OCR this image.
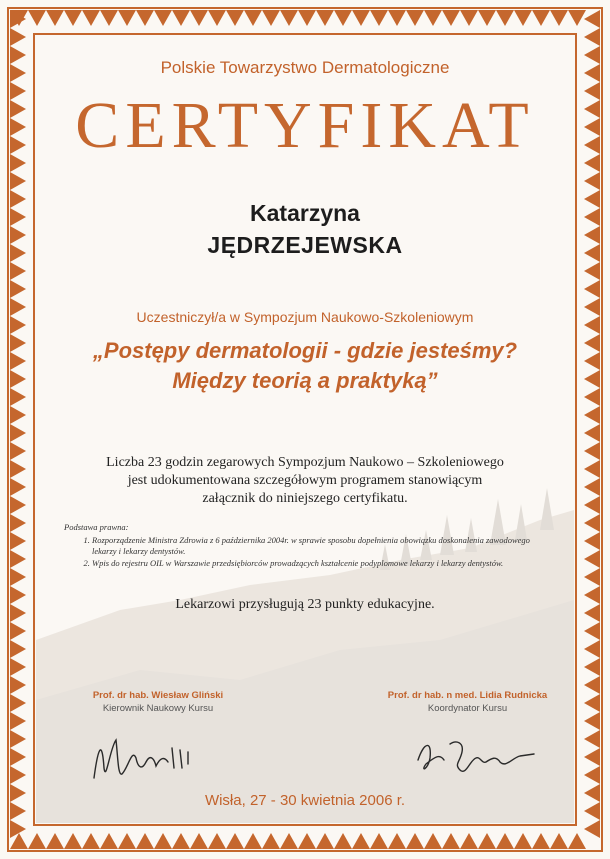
Polskie Towarzystwo Dermatologiczne
CERTYFIKAT
Katarzyna
JĘDRZEJEWSKA
Uczestniczył/a w Sympozjum Naukowo-Szkoleniowym
„Postępy dermatologii - gdzie jesteśmy?
Między teorią a praktyką”
Liczba 23 godzin zegarowych Sympozjum Naukowo – Szkoleniowego
jest udokumentowana szczegółowym programem stanowiącym
załącznik do niniejszego certyfikatu.
Podstawa prawna:
1. Rozporządzenie Ministra Zdrowia z 6 października 2004r. w sprawie sposobu dopełnienia obowiązku doskonalenia zawodowego lekarzy i lekarzy dentystów.
2. Wpis do rejestru OIL w Warszawie przedsiębiorców prowadzących kształcenie podyplomowe lekarzy i lekarzy dentystów.
Lekarzowi przysługują 23 punkty edukacyjne.
Prof. dr hab. Wiesław Gliński
Kierownik Naukowy Kursu
Prof. dr hab. n med. Lidia Rudnicka
Koordynator Kursu
Wisła, 27 - 30 kwietnia 2006 r.
